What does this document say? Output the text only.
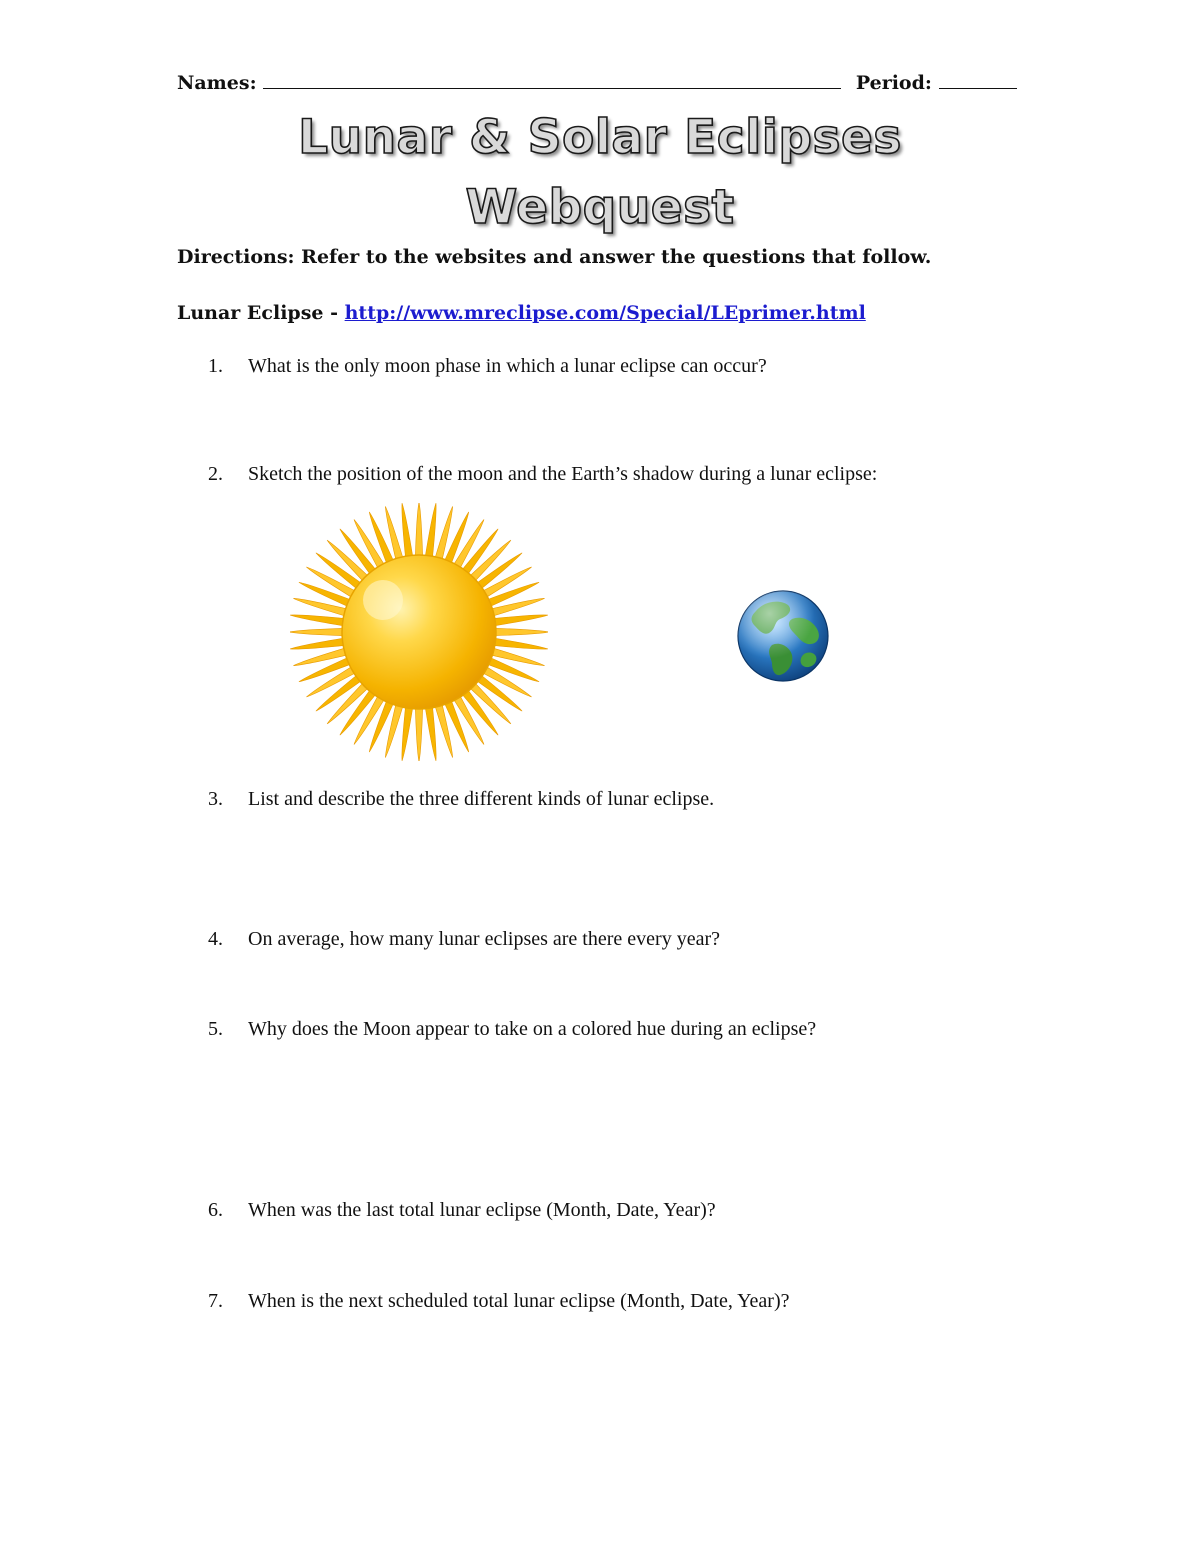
Names:	Period:
Lunar & Solar Eclipses
Webquest
Directions: Refer to the websites and answer the questions that follow.
Lunar Eclipse - http://www.mreclipse.com/Special/LEprimer.html
1. What is the only moon phase in which a lunar eclipse can occur?
2. Sketch the position of the moon and the Earth’s shadow during a lunar eclipse:
3. List and describe the three different kinds of lunar eclipse.
4. On average, how many lunar eclipses are there every year?
5. Why does the Moon appear to take on a colored hue during an eclipse?
6. When was the last total lunar eclipse (Month, Date, Year)?
7. When is the next scheduled total lunar eclipse (Month, Date, Year)?
